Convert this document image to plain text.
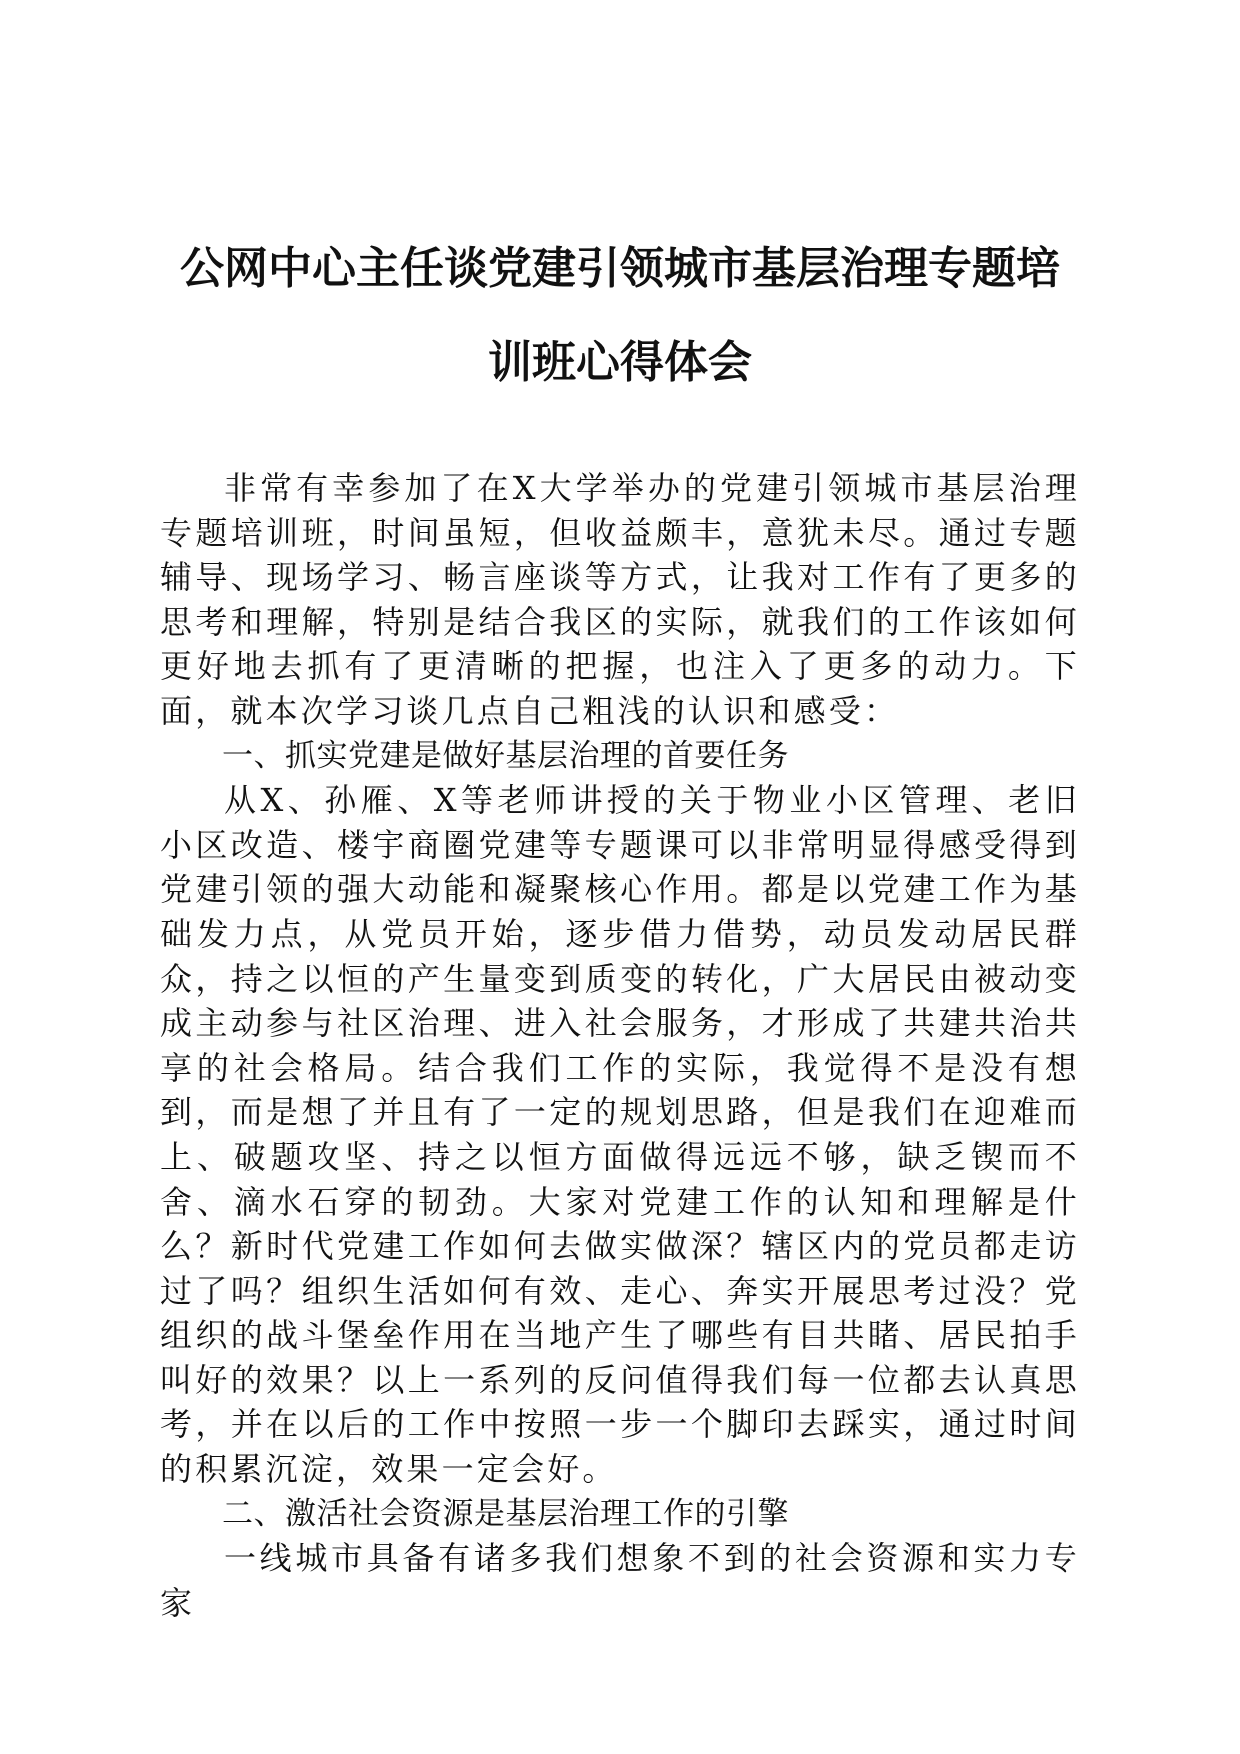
公网中心主任谈党建引领城市基层治理专题培
训班心得体会

非常有幸参加了在X大学举办的党建引领城市基层治理专题培训班，时间虽短，但收益颇丰，意犹未尽。通过专题辅导、现场学习、畅言座谈等方式，让我对工作有了更多的思考和理解，特别是结合我区的实际，就我们的工作该如何更好地去抓有了更清晰的把握，也注入了更多的动力。下面，就本次学习谈几点自己粗浅的认识和感受：

一、抓实党建是做好基层治理的首要任务

从X、孙雁、X等老师讲授的关于物业小区管理、老旧小区改造、楼宇商圈党建等专题课可以非常明显得感受得到党建引领的强大动能和凝聚核心作用。都是以党建工作为基础发力点，从党员开始，逐步借力借势，动员发动居民群众，持之以恒的产生量变到质变的转化，广大居民由被动变成主动参与社区治理、进入社会服务，才形成了共建共治共享的社会格局。结合我们工作的实际，我觉得不是没有想到，而是想了并且有了一定的规划思路，但是我们在迎难而上、破题攻坚、持之以恒方面做得远远不够，缺乏锲而不舍、滴水石穿的韧劲。大家对党建工作的认知和理解是什么？新时代党建工作如何去做实做深？辖区内的党员都走访过了吗？组织生活如何有效、走心、奔实开展思考过没？党组织的战斗堡垒作用在当地产生了哪些有目共睹、居民拍手叫好的效果？以上一系列的反问值得我们每一位都去认真思考，并在以后的工作中按照一步一个脚印去踩实，通过时间的积累沉淀，效果一定会好。

二、激活社会资源是基层治理工作的引擎

一线城市具备有诸多我们想象不到的社会资源和实力专家
